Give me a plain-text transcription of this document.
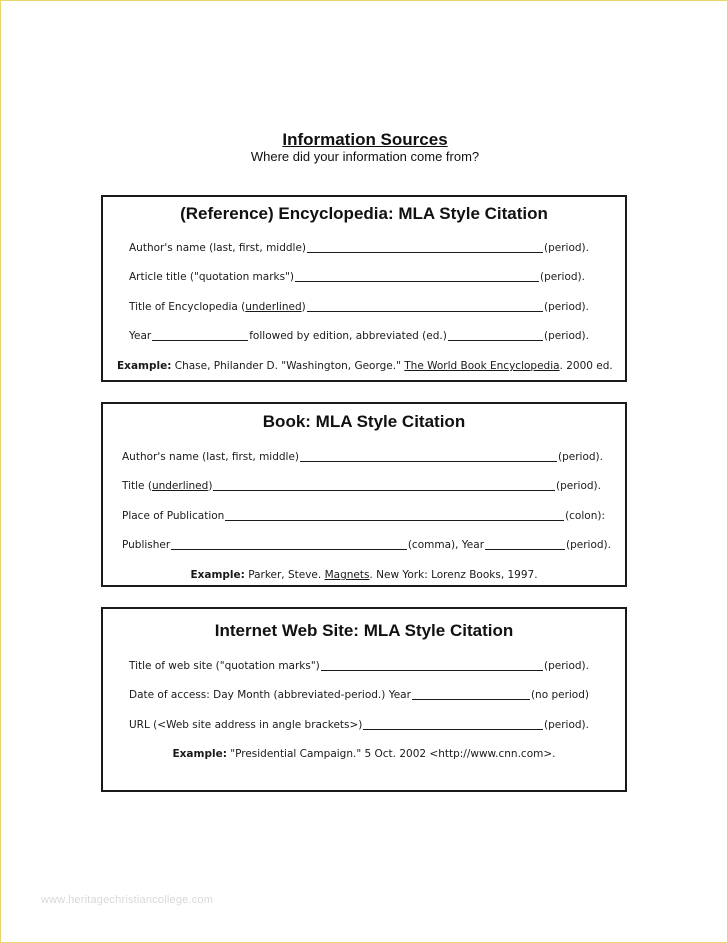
Information Sources
Where did your information come from?
(Reference) Encyclopedia: MLA Style Citation
Author's name (last, first, middle)	(period).
Article title ("quotation marks")	(period).
Title of Encyclopedia (underlined)	(period).
Year	followed by edition, abbreviated (ed.)	(period).
Example:
Chase, Philander D. "Washington, George."
The World Book Encyclopedia . 2000 ed.
Book: MLA Style Citation
Author's name (last, first, middle)	(period).
Title (underlined)	(period).
Place of Publication	(colon):
Publisher	(comma), Year	(period).
Example:
Parker, Steve.
Magnets . New York: Lorenz Books, 1997.
Internet Web Site: MLA Style Citation
Title of web site ("quotation marks")	(period).
Date of access: Day Month (abbreviated-period.) Year	(no period)
URL (<Web site address in angle brackets>)	(period).
Example:
"Presidential Campaign." 5 Oct. 2002 <http://www.cnn.com>.
www.heritagechristiancollege.com
